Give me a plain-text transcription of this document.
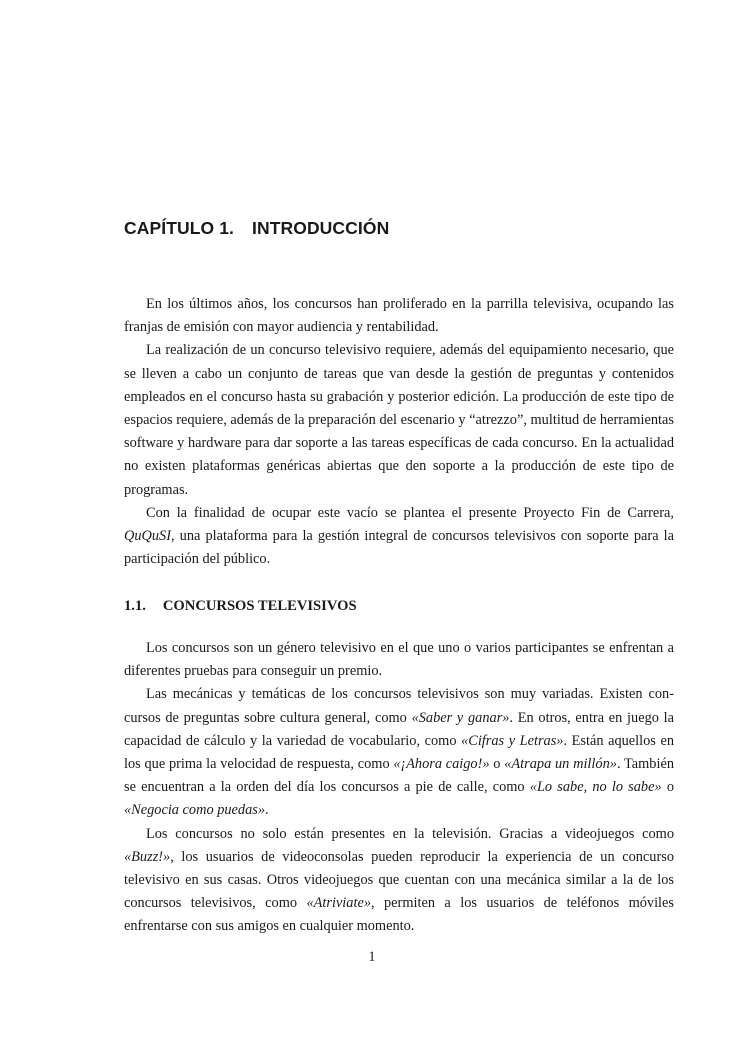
CAPÍTULO 1. INTRODUCCIÓN

En los últimos años, los concursos han proliferado en la parrilla televisiva, ocupando las franjas de emisión con mayor audiencia y rentabilidad.

La realización de un concurso televisivo requiere, además del equipamiento necesario, que se lleven a cabo un conjunto de tareas que van desde la gestión de preguntas y contenidos empleados en el concurso hasta su grabación y posterior edición. La producción de este tipo de espacios requiere, además de la preparación del escenario y “atrezzo”, multitud de herramientas software y hardware para dar soporte a las tareas específicas de cada concurso. En la actualidad no existen plataformas genéricas abiertas que den soporte a la producción de este tipo de programas.

Con la finalidad de ocupar este vacío se plantea el presente Proyecto Fin de Carrera, QuQuSI, una plataforma para la gestión integral de concursos televisivos con soporte para la participación del público.

1.1. CONCURSOS TELEVISIVOS

Los concursos son un género televisivo en el que uno o varios participantes se enfrentan a diferentes pruebas para conseguir un premio.

Las mecánicas y temáticas de los concursos televisivos son muy variadas. Existen concursos de preguntas sobre cultura general, como «Saber y ganar». En otros, entra en juego la capacidad de cálculo y la variedad de vocabulario, como «Cifras y Letras». Están aquellos en los que prima la velocidad de respuesta, como «¡Ahora caigo!» o «Atrapa un millón». También se encuentran a la orden del día los concursos a pie de calle, como «Lo sabe, no lo sabe» o «Negocia como puedas».

Los concursos no solo están presentes en la televisión. Gracias a videojuegos como «Buzz!», los usuarios de videoconsolas pueden reproducir la experiencia de un concurso televisivo en sus casas. Otros videojuegos que cuentan con una mecánica similar a la de los concursos televisivos, como «Atriviate», permiten a los usuarios de teléfonos móviles enfrentarse con sus amigos en cualquier momento.

1
